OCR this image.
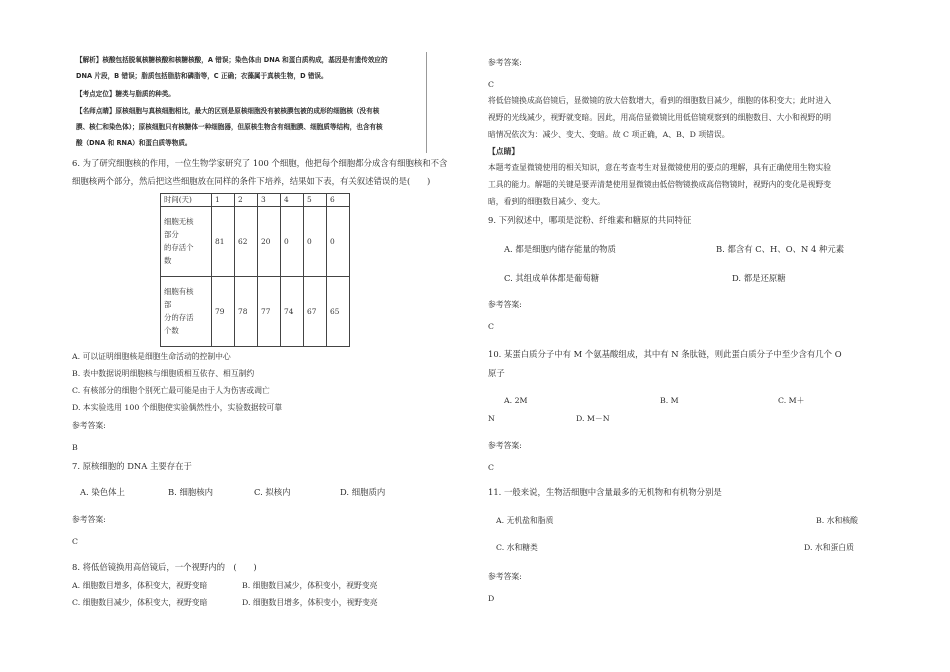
【解析】核酸包括脱氧核糖核酸和核糖核酸，A 错误；染色体由 DNA 和蛋白质构成，基因是有遗传效应的
DNA 片段，B 错误；脂质包括脂肪和磷脂等，C 正确；衣藻属于真核生物，D 错误。
【考点定位】糖类与脂质的种类。
【名师点睛】原核细胞与真核细胞相比，最大的区别是原核细胞没有被核膜包被的成形的细胞核（没有核
膜、核仁和染色体）；原核细胞只有核糖体一种细胞器，但原核生物含有细胞膜、细胞质等结构，也含有核
酸（DNA 和 RNA）和蛋白质等物质。
6. 为了研究细胞核的作用，一位生物学家研究了 100 个细胞，他把每个细胞都分成含有细胞核和不含
细胞核两个部分，然后把这些细胞放在同样的条件下培养，结果如下表，有关叙述错误的是(　　)
时间(天)	1	2	3	4	5	6

细胞无核
部分
的存活个
数	81	62	20	0	0	0

细胞有核
部
分的存活
个数	79	78	77	74	67	65
A. 可以证明细胞核是细胞生命活动的控制中心
B. 表中数据说明细胞核与细胞质相互依存、相互制约
C. 有核部分的细胞个别死亡最可能是由于人为伤害或凋亡
D. 本实验选用 100 个细胞使实验偶然性小，实验数据较可靠
参考答案:
B
7. 原核细胞的 DNA 主要存在于
A. 染色体上	B. 细胞核内	C. 拟核内	D. 细胞质内
参考答案:
C
8. 将低倍镜换用高倍镜后，一个视野内的　(　　)
A. 细胞数目增多，体积变大，视野变暗	B. 细胞数目减少，体积变小，视野变亮
C. 细胞数目减少，体积变大，视野变暗	D. 细胞数目增多，体积变小，视野变亮
参考答案:
C
将低倍镜换成高倍镜后，显微镜的放大倍数增大，看到的细胞数目减少，细胞的体积变大；此时进入
视野的光线减少，视野就变暗。因此，用高倍显微镜比用低倍镜观察到的细胞数目、大小和视野的明
暗情况依次为：减少、变大、变暗。故 C 项正确，A、B、D 项错误。
【点睛】
本题考查显微镜使用的相关知识，意在考查考生对显微镜使用的要点的理解，具有正确使用生物实验
工具的能力。解题的关键是要弄清楚使用显微镜由低倍物镜换成高倍物镜时，视野内的变化是视野变
暗，看到的细胞数目减少、变大。
9. 下列叙述中，哪项是淀粉、纤维素和糖原的共同特征
A. 都是细胞内储存能量的物质	B. 都含有 C、H、O、N 4 种元素
C. 其组成单体都是葡萄糖	D. 都是还原糖
参考答案:
C
10. 某蛋白质分子中有 M 个氨基酸组成，其中有 N 条肽链，则此蛋白质分子中至少含有几个 O
原子
A. 2M	B. M	C. M＋
N	D. M－N
参考答案:
C
11. 一般来说，生物活细胞中含量最多的无机物和有机物分别是
A. 无机盐和脂质	B. 水和核酸
C. 水和糖类	D. 水和蛋白质
参考答案:
D
